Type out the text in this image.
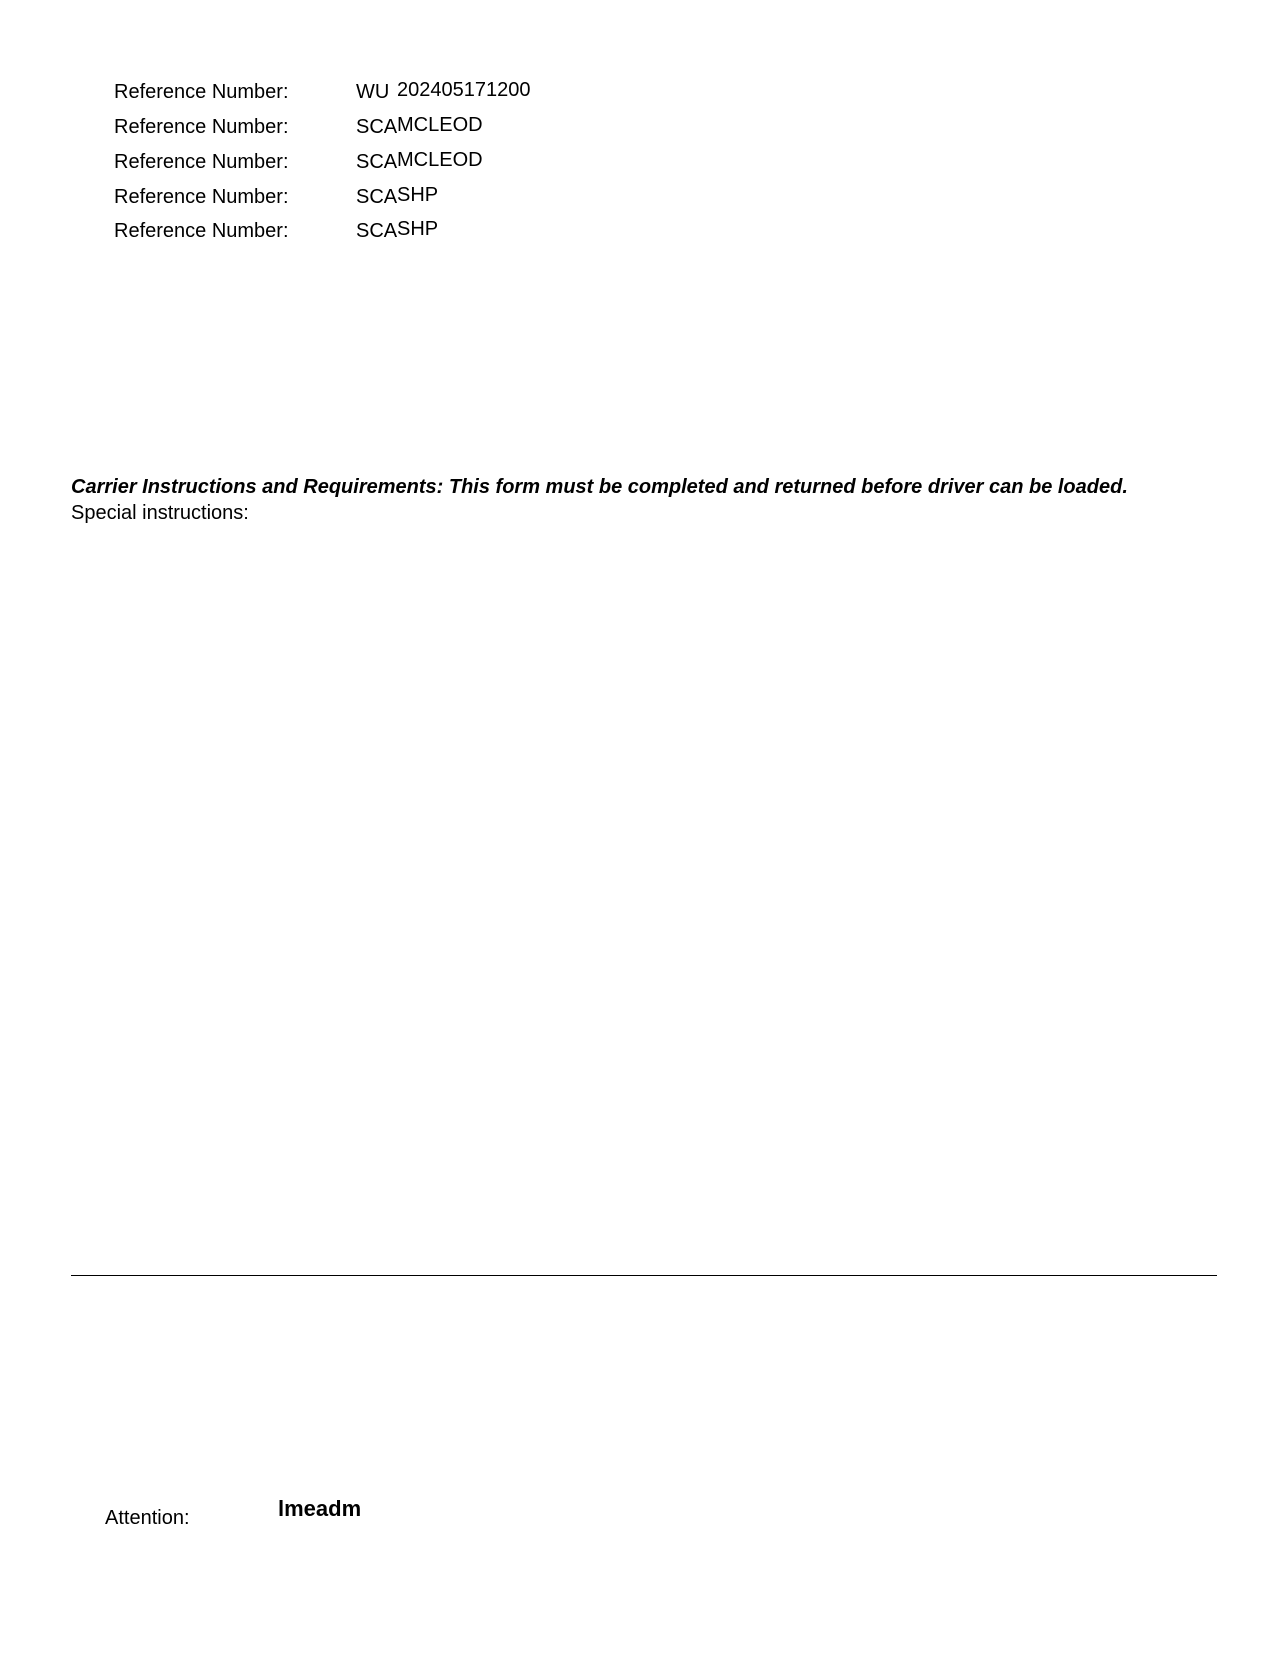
Reference Number:	WU 202405171200
Reference Number:	SCA MCLEOD
Reference Number:	SCA MCLEOD
Reference Number:	SCA SHP
Reference Number:	SCA SHP
Carrier Instructions and Requirements: This form must be completed and returned before driver can be loaded.
Special instructions:
Attention:	lmeadm
